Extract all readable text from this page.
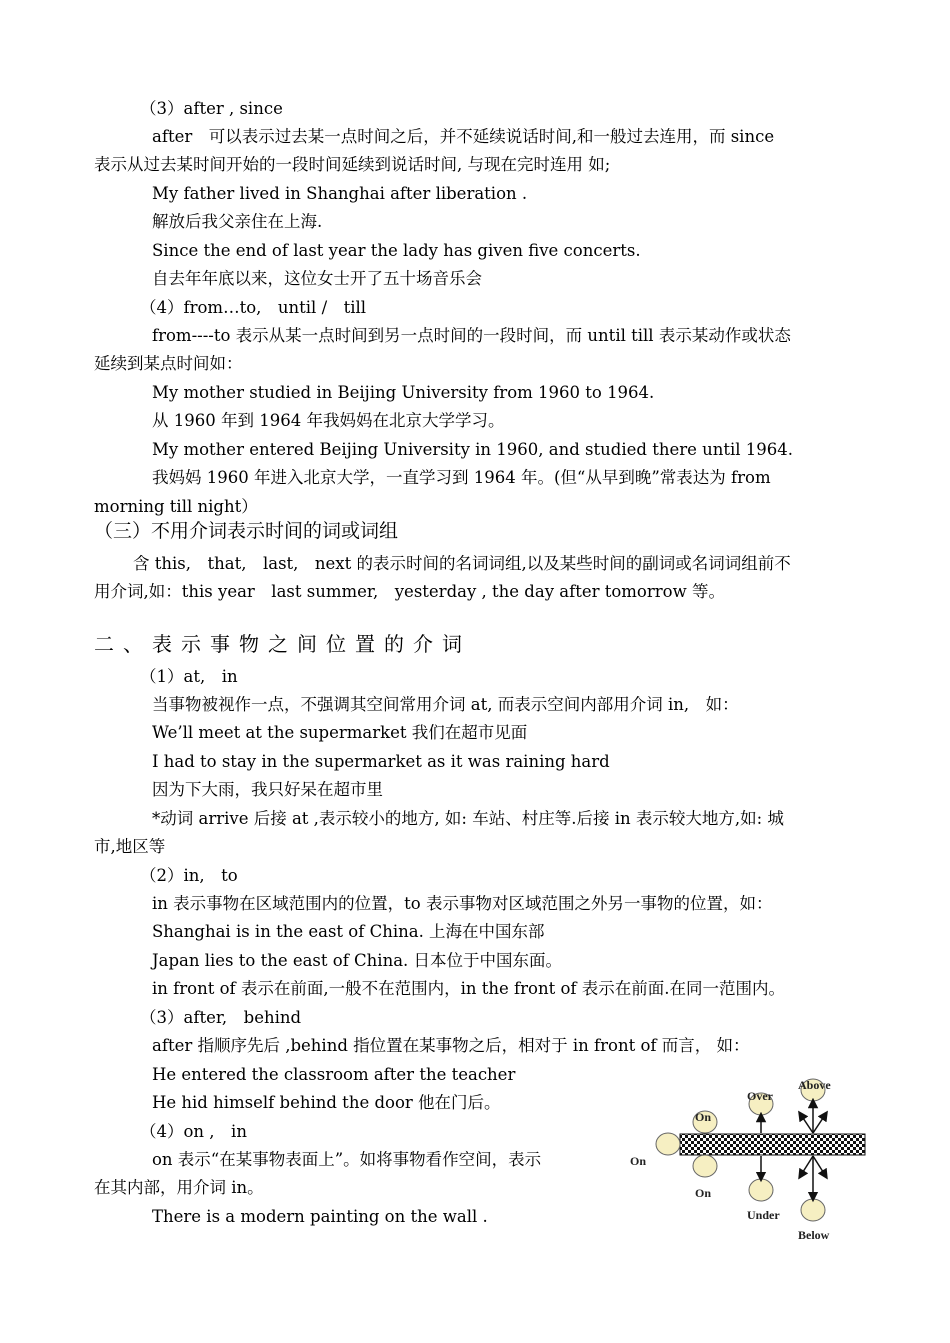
（3）after , since
after　可以表示过去某一点时间之后，并不延续说话时间,和一般过去连用，而 since
表示从过去某时间开始的一段时间延续到说话时间, 与现在完时连用 如;
My father lived in Shanghai after liberation .
解放后我父亲住在上海.
Since the end of last year the lady has given five concerts.
自去年年底以来，这位女士开了五十场音乐会
（4）from…to,　until /　till
from----to 表示从某一点时间到另一点时间的一段时间，而 until till 表示某动作或状态
延续到某点时间如：
My mother studied in Beijing University from 1960 to 1964.
从 1960 年到 1964 年我妈妈在北京大学学习。
My mother entered Beijing University in 1960, and studied there until 1964.
我妈妈 1960 年进入北京大学，一直学习到 1964 年。(但“从早到晚”常表达为 from
morning till night）
（三）不用介词表示时间的词或词组
含 this,　that,　last,　next 的表示时间的名词词组,以及某些时间的副词或名词词组前不
用介词,如：this year　last summer,　yesterday , the day after tomorrow 等。
二、表示事物之间位置的介词
（1）at,　in
当事物被视作一点，不强调其空间常用介词 at, 而表示空间内部用介词 in,　如：
We’ll meet at the supermarket 我们在超市见面
I had to stay in the supermarket as it was raining hard
因为下大雨，我只好呆在超市里
*动词 arrive 后接 at ,表示较小的地方, 如: 车站、村庄等.后接 in 表示较大地方,如: 城
市,地区等
（2）in,　to
in 表示事物在区域范围内的位置，to 表示事物对区域范围之外另一事物的位置，如：
Shanghai is in the east of China. 上海在中国东部
Japan lies to the east of China. 日本位于中国东面。
in front of 表示在前面,一般不在范围内，in the front of 表示在前面.在同一范围内。
（3）after,　behind
after 指顺序先后 ,behind 指位置在某事物之后，相对于 in front of 而言， 如：
He entered the classroom after the teacher
He hid himself behind the door 他在门后。
（4）on ,　in
on 表示“在某事物表面上”。如将事物看作空间，表示
在其内部，用介词 in。
There is a modern painting on the wall .
Above
Over
On
On
On
Under
Below
